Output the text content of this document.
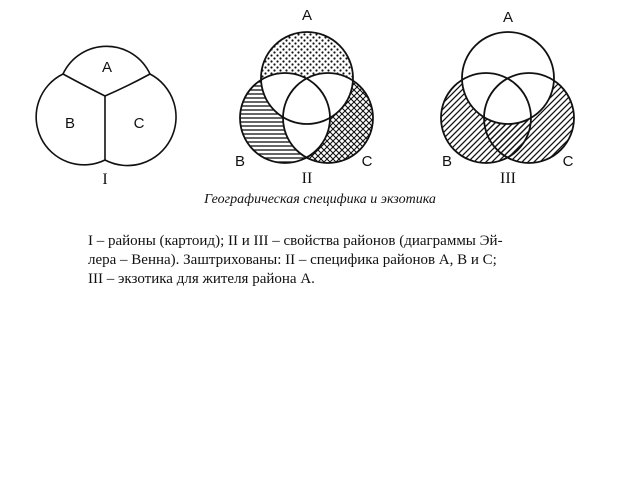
A
B	C
I
A
B	C
II
A
B	C
III
Географическая специфика и экзотика
I – районы (картоид); II и III – свойства районов (диаграммы Эй-
лера – Венна). Заштрихованы: II – специфика районов A, B и C;
III – экзотика для жителя района A.
